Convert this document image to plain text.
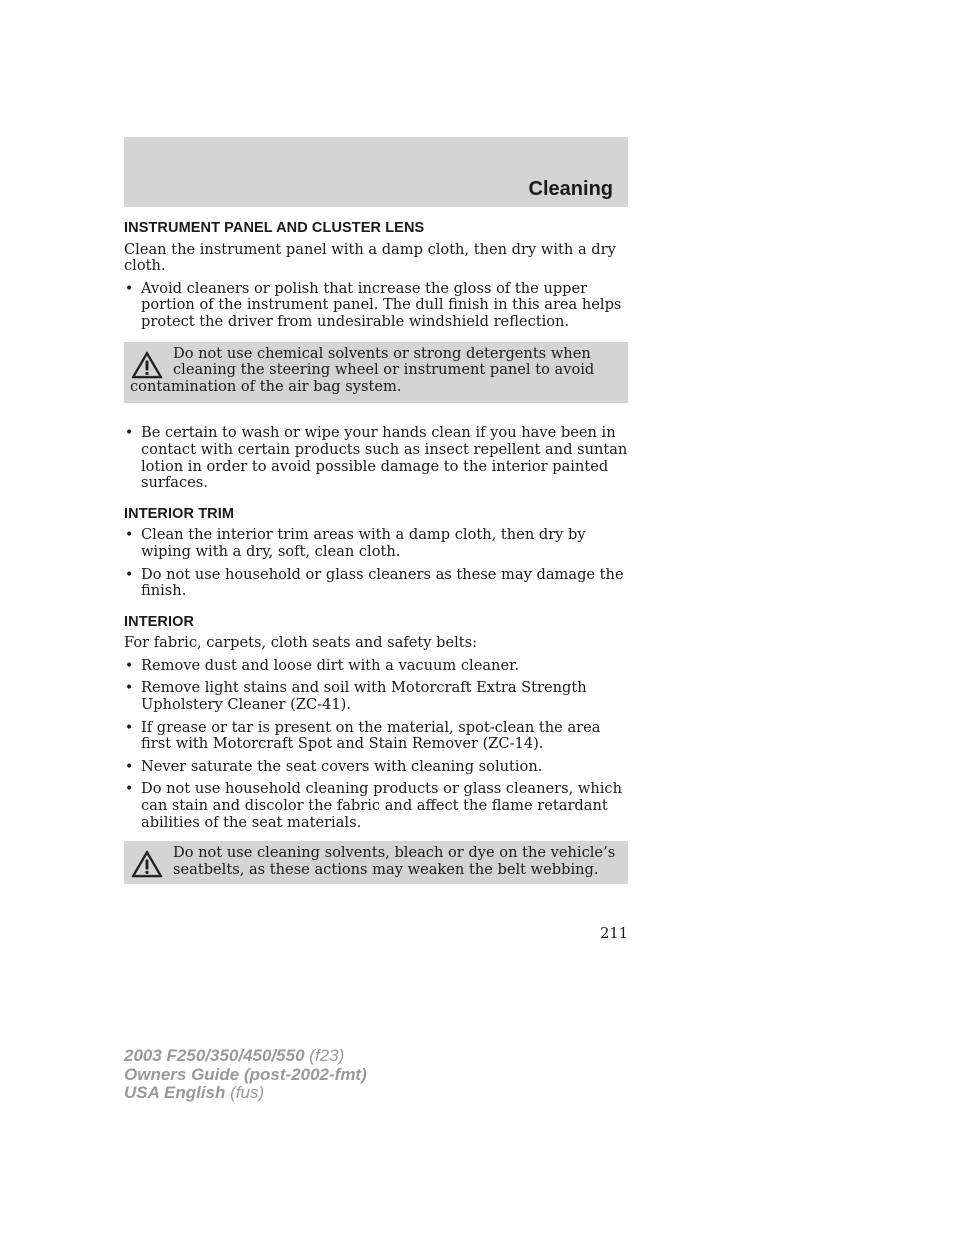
Cleaning
INSTRUMENT PANEL AND CLUSTER LENS

Clean the instrument panel with a damp cloth, then dry with a dry cloth.

• Avoid cleaners or polish that increase the gloss of the upper portion of the instrument panel. The dull finish in this area helps protect the driver from undesirable windshield reflection.
Do not use chemical solvents or strong detergents when cleaning the steering wheel or instrument panel to avoid contamination of the air bag system.
• Be certain to wash or wipe your hands clean if you have been in contact with certain products such as insect repellent and suntan lotion in order to avoid possible damage to the interior painted surfaces.
INTERIOR TRIM
• Clean the interior trim areas with a damp cloth, then dry by wiping with a dry, soft, clean cloth.
• Do not use household or glass cleaners as these may damage the finish.
INTERIOR

For fabric, carpets, cloth seats and safety belts:

• Remove dust and loose dirt with a vacuum cleaner.
• Remove light stains and soil with Motorcraft Extra Strength Upholstery Cleaner (ZC-41).
• If grease or tar is present on the material, spot-clean the area first with Motorcraft Spot and Stain Remover (ZC-14).
• Never saturate the seat covers with cleaning solution.
• Do not use household cleaning products or glass cleaners, which can stain and discolor the fabric and affect the flame retardant abilities of the seat materials.
Do not use cleaning solvents, bleach or dye on the vehicle’s seatbelts, as these actions may weaken the belt webbing.
211
2003 F250/350/450/550 (f23)
Owners Guide (post-2002-fmt)
USA English (fus)
